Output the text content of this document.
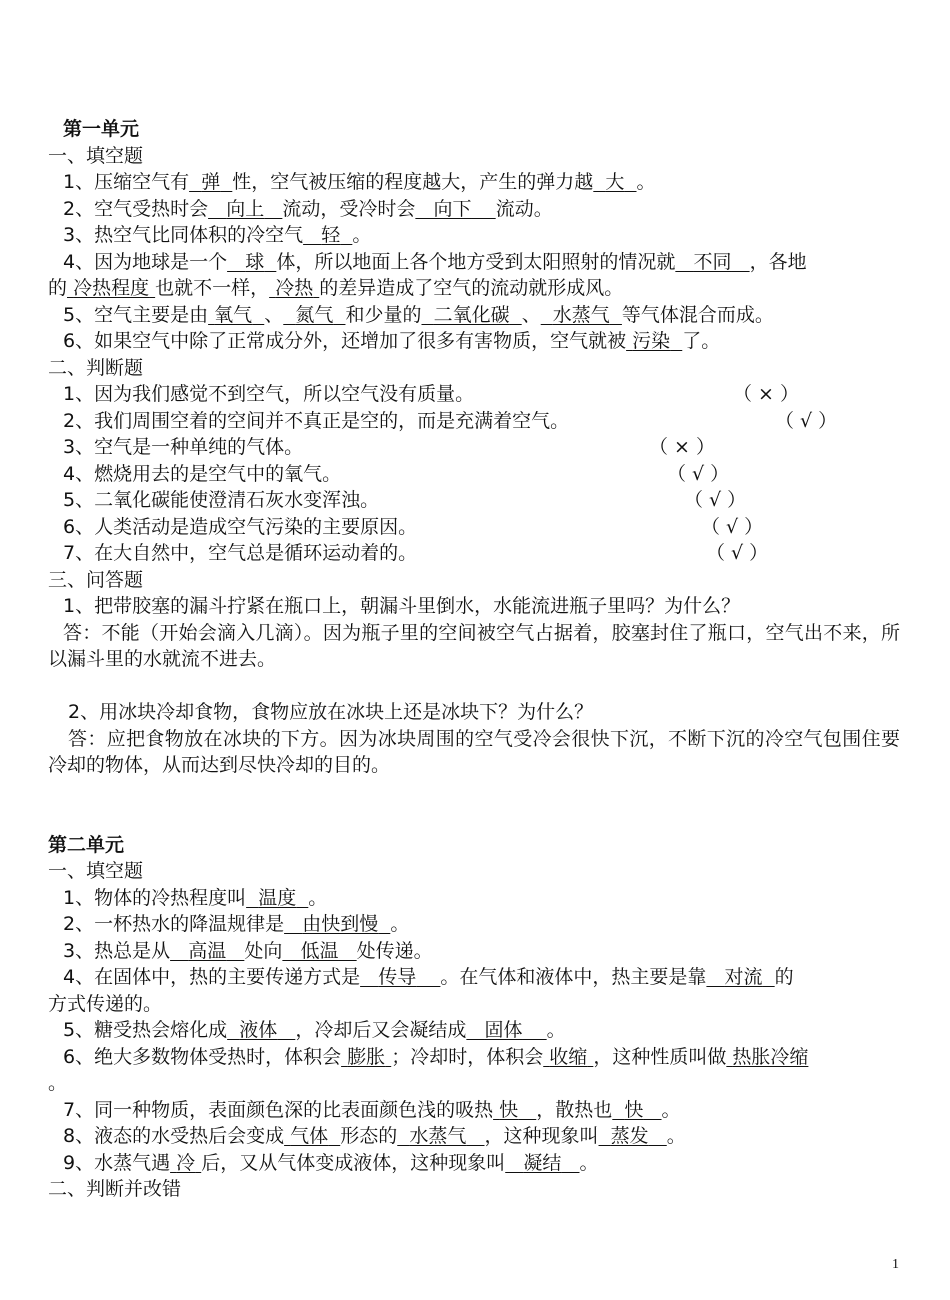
第一单元
一、填空题
1、压缩空气有 弹 性，空气被压缩的程度越大，产生的弹力越 大 。
2、空气受热时会 向上 流动，受冷时会 向下 流动。
3、热空气比同体积的冷空气 轻 。
4、因为地球是一个 球 体，所以地面上各个地方受到太阳照射的情况就 不同 ，各地
的 冷热程度 也就不一样， 冷热 的差异造成了空气的流动就形成风。
5、空气主要是由 氧气 、 氮气 和少量的 二氧化碳 、 水蒸气 等气体混合而成。
6、如果空气中除了正常成分外，还增加了很多有害物质，空气就被 污染 了。
二、判断题
1、因为我们感觉不到空气，所以空气没有质量。	（ × ）
2、我们周围空着的空间并不真正是空的，而是充满着空气。	（ √ ）
3、空气是一种单纯的气体。	（ × ）
4、燃烧用去的是空气中的氧气。	（ √ ）
5、二氧化碳能使澄清石灰水变浑浊。	（ √ ）
6、人类活动是造成空气污染的主要原因。	（ √ ）
7、在大自然中，空气总是循环运动着的。	（ √ ）
三、问答题
1、把带胶塞的漏斗拧紧在瓶口上，朝漏斗里倒水，水能流进瓶子里吗？为什么？
答：不能（开始会滴入几滴）。因为瓶子里的空间被空气占据着，胶塞封住了瓶口，空气出不来，所以漏斗里的水就流不进去。
2、用冰块冷却食物，食物应放在冰块上还是冰块下？为什么？
答：应把食物放在冰块的下方。因为冰块周围的空气受冷会很快下沉，不断下沉的冷空气包围住要冷却的物体，从而达到尽快冷却的目的。
第二单元
一、填空题
1、物体的冷热程度叫 温度 。
2、一杯热水的降温规律是 由快到慢 。
3、热总是从 高温 处向 低温 处传递。
4、在固体中，热的主要传递方式是 传导 。在气体和液体中，热主要是靠 对流 的
方式传递的。
5、糖受热会熔化成 液体 ，冷却后又会凝结成 固体 。
6、绝大多数物体受热时，体积会 膨胀 ；冷却时，体积会 收缩 ，这种性质叫做 热胀冷缩
。
7、同一种物质，表面颜色深的比表面颜色浅的吸热 快 ，散热也 快 。
8、液态的水受热后会变成 气体 形态的 水蒸气 ，这种现象叫 蒸发 。
9、水蒸气遇 冷 后，又从气体变成液体，这种现象叫 凝结 。
二、判断并改错
1
